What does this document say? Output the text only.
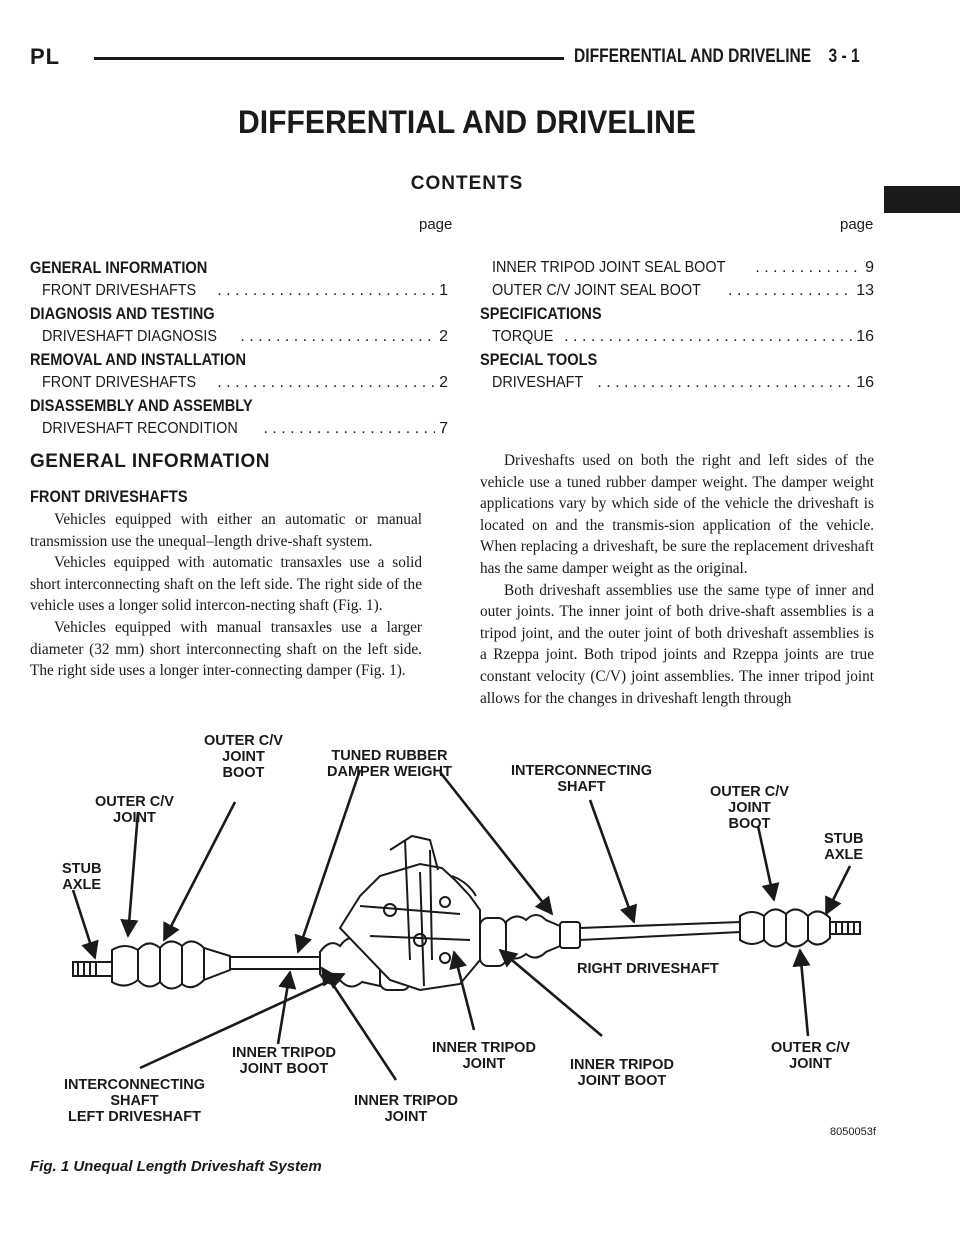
PL	DIFFERENTIAL AND DRIVELINE    3 - 1
DIFFERENTIAL AND DRIVELINE
CONTENTS
page	page
GENERAL INFORMATION
FRONT DRIVESHAFTS . . .	1
DIAGNOSIS AND TESTING
DRIVESHAFT DIAGNOSIS . . .	2
REMOVAL AND INSTALLATION
FRONT DRIVESHAFTS . . .	2
DISASSEMBLY AND ASSEMBLY
DRIVESHAFT RECONDITION . . .	7
INNER TRIPOD JOINT SEAL BOOT . . .	9
OUTER C/V JOINT SEAL BOOT . . .	13
SPECIFICATIONS
TORQUE . . .	16
SPECIAL TOOLS
DRIVESHAFT . . .	16
GENERAL INFORMATION
FRONT DRIVESHAFTS

Vehicles equipped with either an automatic or manual transmission use the unequal–length drive-shaft system.

Vehicles equipped with automatic transaxles use a solid short interconnecting shaft on the left side. The right side of the vehicle uses a longer solid intercon-necting shaft (Fig. 1).

Vehicles equipped with manual transaxles use a larger diameter (32 mm) short interconnecting shaft on the left side. The right side uses a longer inter-connecting damper (Fig. 1).

Driveshafts used on both the right and left sides of the vehicle use a tuned rubber damper weight. The damper weight applications vary by which side of the vehicle the driveshaft is located on and the transmis-sion application of the vehicle. When replacing a driveshaft, be sure the replacement driveshaft has the same damper weight as the original.

Both driveshaft assemblies use the same type of inner and outer joints. The inner joint of both drive-shaft assemblies is a tripod joint, and the outer joint of both driveshaft assemblies is a Rzeppa joint. Both tripod joints and Rzeppa joints are true constant velocity (C/V) joint assemblies. The inner tripod joint allows for the changes in driveshaft length through

OUTER C/V
JOINT
BOOT
TUNED RUBBER
DAMPER WEIGHT	INTERCONNECTING
SHAFT
OUTER C/V
JOINT
OUTER C/V
JOINT
BOOT
STUB
AXLE
STUB
AXLE
RIGHT DRIVESHAFT
INNER TRIPOD
JOINT BOOT
INNER TRIPOD
JOINT	INNER TRIPOD
JOINT BOOT
OUTER C/V
JOINT
INTERCONNECTING
SHAFT
LEFT DRIVESHAFT
INNER TRIPOD
JOINT
8050053f
Fig. 1 Unequal Length Driveshaft System
